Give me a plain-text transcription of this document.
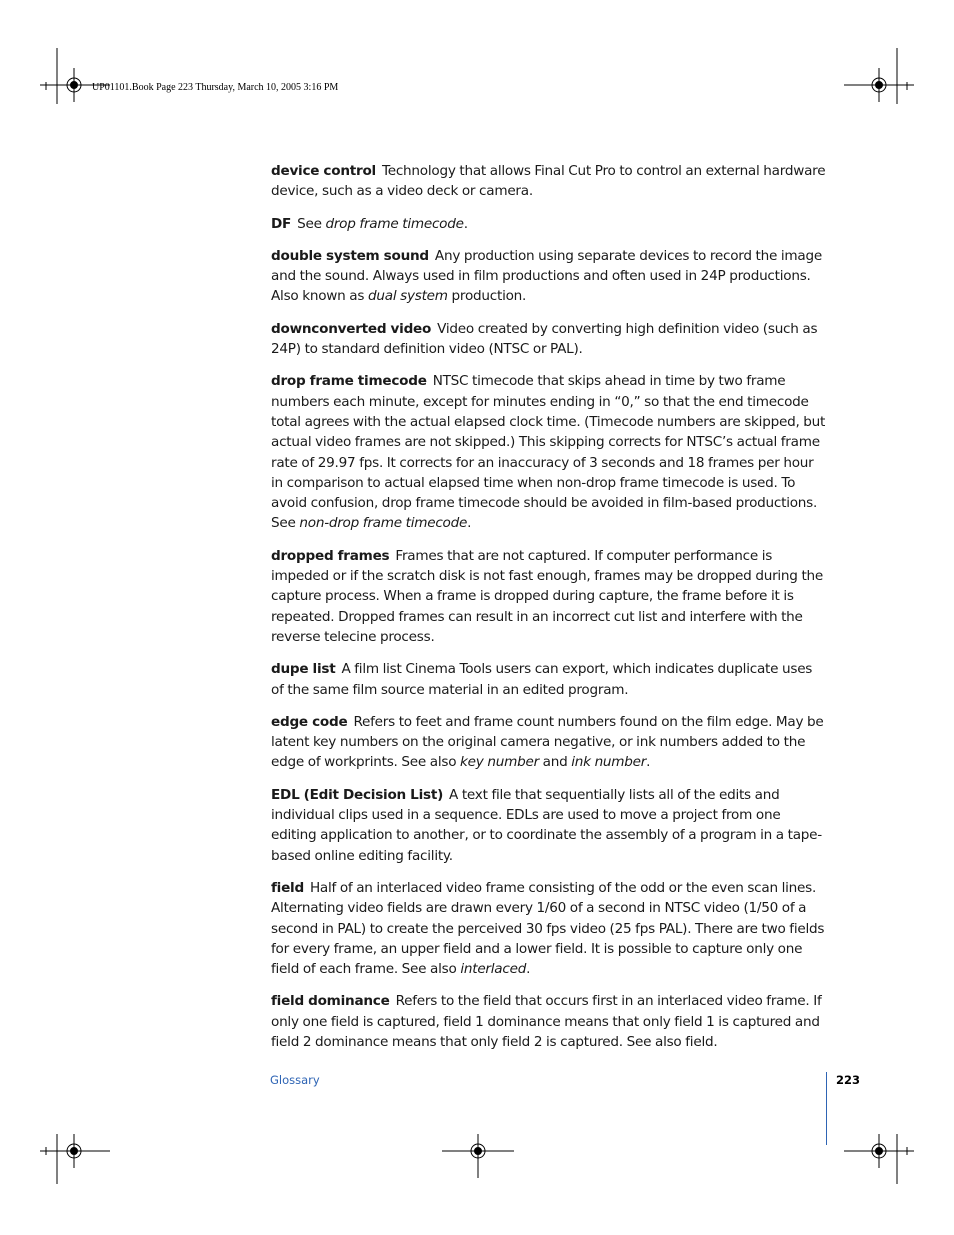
UP01101.Book Page 223 Thursday, March 10, 2005 3:16 PM

device control Technology that allows Final Cut Pro to control an external hardware device, such as a video deck or camera.

DF See drop frame timecode.

double system sound Any production using separate devices to record the image and the sound. Always used in film productions and often used in 24P productions. Also known as dual system production.

downconverted video Video created by converting high definition video (such as 24P) to standard definition video (NTSC or PAL).

drop frame timecode NTSC timecode that skips ahead in time by two frame numbers each minute, except for minutes ending in “0,” so that the end timecode total agrees with the actual elapsed clock time. (Timecode numbers are skipped, but actual video frames are not skipped.) This skipping corrects for NTSC’s actual frame rate of 29.97 fps. It corrects for an inaccuracy of 3 seconds and 18 frames per hour in comparison to actual elapsed time when non-drop frame timecode is used. To avoid confusion, drop frame timecode should be avoided in film-based productions. See non-drop frame timecode.

dropped frames Frames that are not captured. If computer performance is impeded or if the scratch disk is not fast enough, frames may be dropped during the capture process. When a frame is dropped during capture, the frame before it is repeated. Dropped frames can result in an incorrect cut list and interfere with the reverse telecine process.

dupe list A film list Cinema Tools users can export, which indicates duplicate uses of the same film source material in an edited program.

edge code Refers to feet and frame count numbers found on the film edge. May be latent key numbers on the original camera negative, or ink numbers added to the edge of workprints. See also key number and ink number.

EDL (Edit Decision List) A text file that sequentially lists all of the edits and individual clips used in a sequence. EDLs are used to move a project from one editing application to another, or to coordinate the assembly of a program in a tape-based online editing facility.

field Half of an interlaced video frame consisting of the odd or the even scan lines. Alternating video fields are drawn every 1/60 of a second in NTSC video (1/50 of a second in PAL) to create the perceived 30 fps video (25 fps PAL). There are two fields for every frame, an upper field and a lower field. It is possible to capture only one field of each frame. See also interlaced.

field dominance Refers to the field that occurs first in an interlaced video frame. If only one field is captured, field 1 dominance means that only field 1 is captured and field 2 dominance means that only field 2 is captured. See also field.

Glossary	223
